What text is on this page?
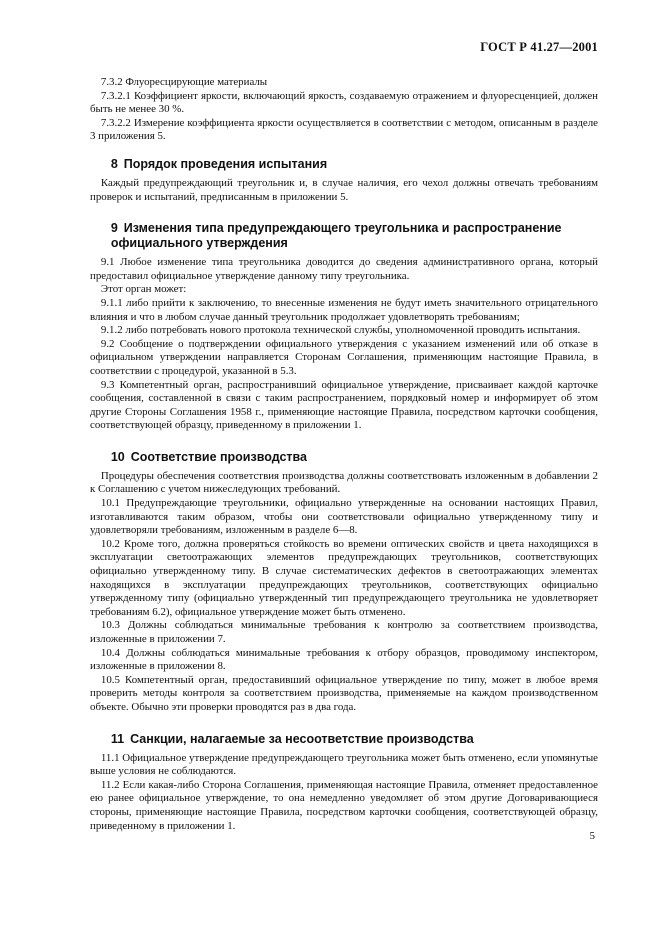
ГОСТ Р 41.27—2001

7.3.2 Флуоресцирующие материалы

7.3.2.1 Коэффициент яркости, включающий яркость, создаваемую отражением и флуоресценцией, должен быть не менее 30 %.

7.3.2.2 Измерение коэффициента яркости осуществляется в соответствии с методом, описанным в разделе 3 приложения 5.

8 Порядок проведения испытания

Каждый предупреждающий треугольник и, в случае наличия, его чехол должны отвечать требованиям проверок и испытаний, предписанным в приложении 5.

9 Изменения типа предупреждающего треугольника и распространение официального утверждения

9.1 Любое изменение типа треугольника доводится до сведения административного органа, который предоставил официальное утверждение данному типу треугольника.

Этот орган может:

9.1.1 либо прийти к заключению, то внесенные изменения не будут иметь значительного отрицательного влияния и что в любом случае данный треугольник продолжает удовлетворять требованиям;

9.1.2 либо потребовать нового протокола технической службы, уполномоченной проводить испытания.

9.2 Сообщение о подтверждении официального утверждения с указанием изменений или об отказе в официальном утверждении направляется Сторонам Соглашения, применяющим настоящие Правила, в соответствии с процедурой, указанной в 5.3.

9.3 Компетентный орган, распространивший официальное утверждение, присваивает каждой карточке сообщения, составленной в связи с таким распространением, порядковый номер и информирует об этом другие Стороны Соглашения 1958 г., применяющие настоящие Правила, посредством карточки сообщения, соответствующей образцу, приведенному в приложении 1.

10 Соответствие производства

Процедуры обеспечения соответствия производства должны соответствовать изложенным в добавлении 2 к Соглашению с учетом нижеследующих требований.

10.1 Предупреждающие треугольники, официально утвержденные на основании настоящих Правил, изготавливаются таким образом, чтобы они соответствовали официально утвержденному типу и удовлетворяли требованиям, изложенным в разделе 6—8.

10.2 Кроме того, должна проверяться стойкость во времени оптических свойств и цвета находящихся в эксплуатации светоотражающих элементов предупреждающих треугольников, соответствующих официально утвержденному типу. В случае систематических дефектов в светоотражающих элементах находящихся в эксплуатации предупреждающих треугольников, соответствующих официально утвержденному типу (официально утвержденный тип предупреждающего треугольника не удовлетворяет требованиям 6.2), официальное утверждение может быть отменено.

10.3 Должны соблюдаться минимальные требования к контролю за соответствием производства, изложенные в приложении 7.

10.4 Должны соблюдаться минимальные требования к отбору образцов, проводимому инспектором, изложенные в приложении 8.

10.5 Компетентный орган, предоставивший официальное утверждение по типу, может в любое время проверить методы контроля за соответствием производства, применяемые на каждом производственном объекте. Обычно эти проверки проводятся раз в два года.

11 Санкции, налагаемые за несоответствие производства

11.1 Официальное утверждение предупреждающего треугольника может быть отменено, если упомянутые выше условия не соблюдаются.

11.2 Если какая-либо Сторона Соглашения, применяющая настоящие Правила, отменяет предоставленное ею ранее официальное утверждение, то она немедленно уведомляет об этом другие Договаривающиеся стороны, применяющие настоящие Правила, посредством карточки сообщения, соответствующей образцу, приведенному в приложении 1.

5
